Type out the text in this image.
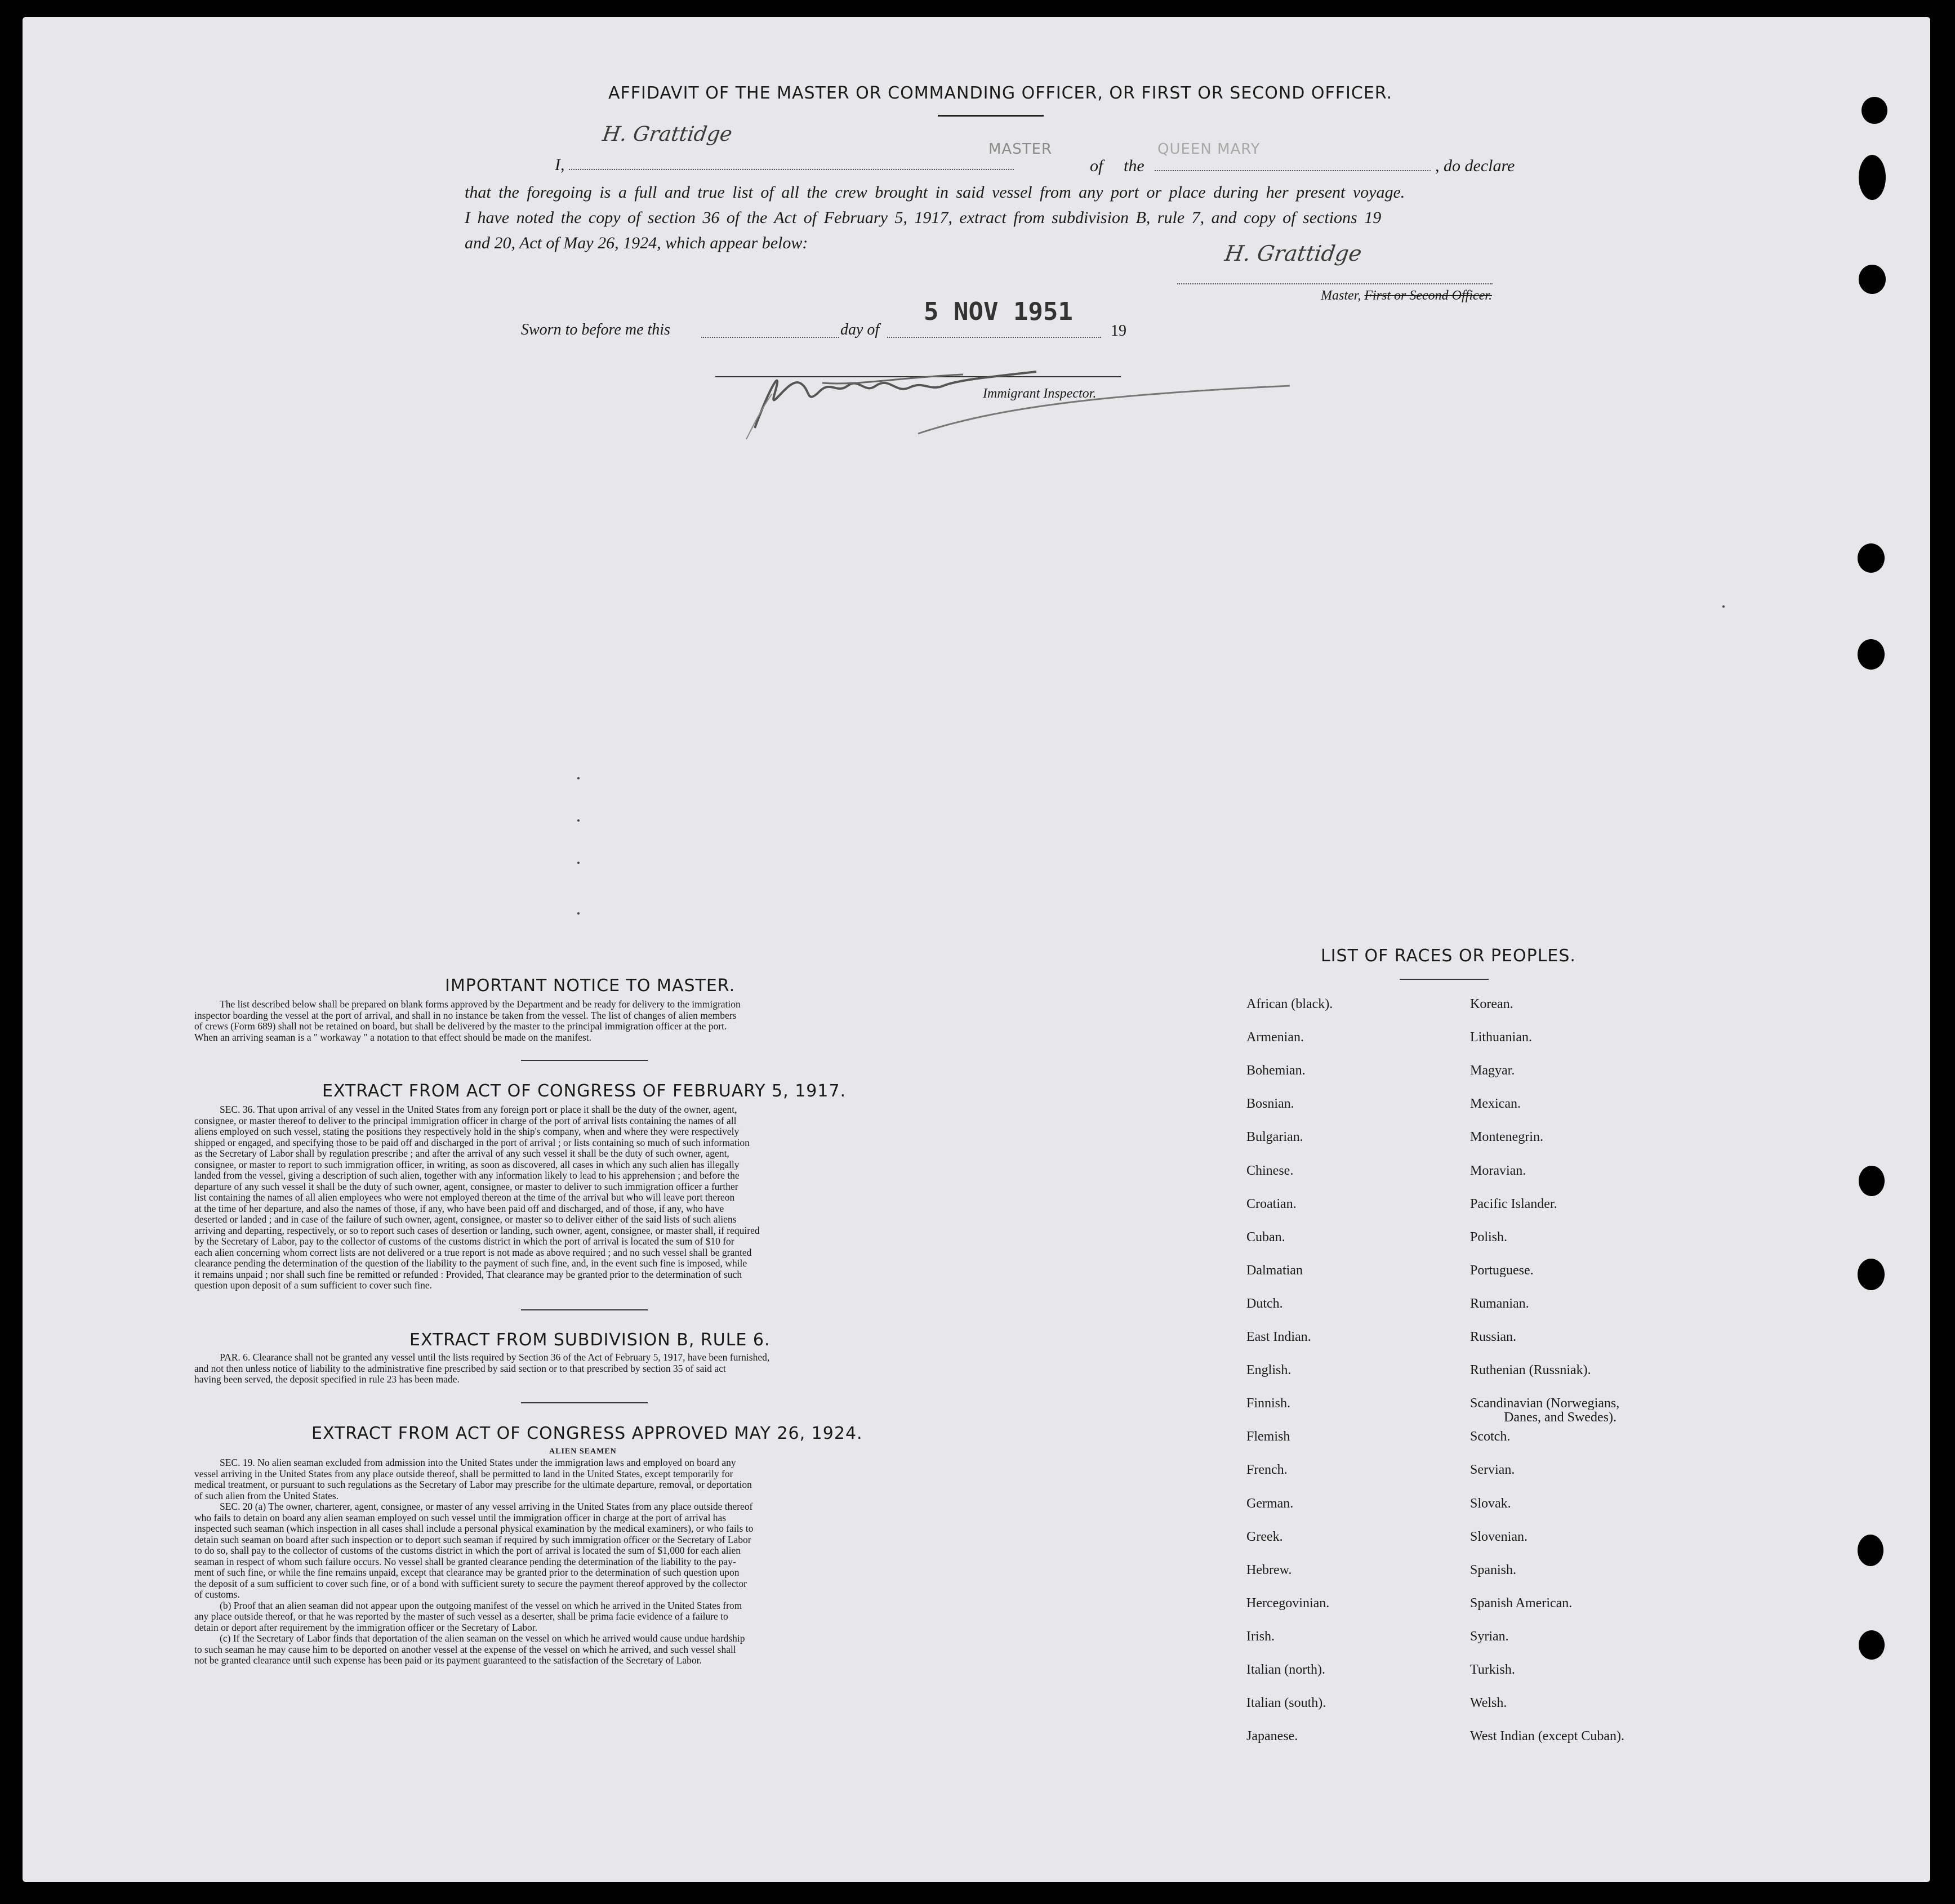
AFFIDAVIT OF THE MASTER OR COMMANDING OFFICER, OR FIRST OR SECOND OFFICER.
H. Grattidge
I,
MASTER
of the
QUEEN MARY
, do declare
that the foregoing is a full and true list of all the crew brought in said vessel from any port or place during her present voyage.
I have noted the copy of section 36 of the Act of February 5, 1917, extract from subdivision B, rule 7, and copy of sections 19
and 20, Act of May 26, 1924, which appear below:	H. Grattidge
Master, First or Second Officer.
Sworn to before me this	day of
5 NOV 1951
19
Immigrant Inspector.
IMPORTANT NOTICE TO MASTER.

The list described below shall be prepared on blank forms approved by the Department and be ready for delivery to the immigration

inspector boarding the vessel at the port of arrival, and shall in no instance be taken from the vessel. The list of changes of alien members

of crews (Form 689) shall not be retained on board, but shall be delivered by the master to the principal immigration officer at the port.

When an arriving seaman is a " workaway " a notation to that effect should be made on the manifest.

EXTRACT FROM ACT OF CONGRESS OF FEBRUARY 5, 1917.

SEC. 36. That upon arrival of any vessel in the United States from any foreign port or place it shall be the duty of the owner, agent,

consignee, or master thereof to deliver to the principal immigration officer in charge of the port of arrival lists containing the names of all

aliens employed on such vessel, stating the positions they respectively hold in the ship's company, when and where they were respectively

shipped or engaged, and specifying those to be paid off and discharged in the port of arrival ; or lists containing so much of such information

as the Secretary of Labor shall by regulation prescribe ; and after the arrival of any such vessel it shall be the duty of such owner, agent,

consignee, or master to report to such immigration officer, in writing, as soon as discovered, all cases in which any such alien has illegally

landed from the vessel, giving a description of such alien, together with any information likely to lead to his apprehension ; and before the

departure of any such vessel it shall be the duty of such owner, agent, consignee, or master to deliver to such immigration officer a further

list containing the names of all alien employees who were not employed thereon at the time of the arrival but who will leave port thereon

at the time of her departure, and also the names of those, if any, who have been paid off and discharged, and of those, if any, who have

deserted or landed ; and in case of the failure of such owner, agent, consignee, or master so to deliver either of the said lists of such aliens

arriving and departing, respectively, or so to report such cases of desertion or landing, such owner, agent, consignee, or master shall, if required

by the Secretary of Labor, pay to the collector of customs of the customs district in which the port of arrival is located the sum of $10 for

each alien concerning whom correct lists are not delivered or a true report is not made as above required ; and no such vessel shall be granted

clearance pending the determination of the question of the liability to the payment of such fine, and, in the event such fine is imposed, while

it remains unpaid ; nor shall such fine be remitted or refunded : Provided, That clearance may be granted prior to the determination of such

question upon deposit of a sum sufficient to cover such fine.

EXTRACT FROM SUBDIVISION B, RULE 6.

PAR. 6. Clearance shall not be granted any vessel until the lists required by Section 36 of the Act of February 5, 1917, have been furnished,

and not then unless notice of liability to the administrative fine prescribed by said section or to that prescribed by section 35 of said act

having been served, the deposit specified in rule 23 has been made.

EXTRACT FROM ACT OF CONGRESS APPROVED MAY 26, 1924.
ALIEN SEAMEN

SEC. 19. No alien seaman excluded from admission into the United States under the immigration laws and employed on board any

vessel arriving in the United States from any place outside thereof, shall be permitted to land in the United States, except temporarily for

medical treatment, or pursuant to such regulations as the Secretary of Labor may prescribe for the ultimate departure, removal, or deportation

of such alien from the United States.

SEC. 20 (a) The owner, charterer, agent, consignee, or master of any vessel arriving in the United States from any place outside thereof

who fails to detain on board any alien seaman employed on such vessel until the immigration officer in charge at the port of arrival has

inspected such seaman (which inspection in all cases shall include a personal physical examination by the medical examiners), or who fails to

detain such seaman on board after such inspection or to deport such seaman if required by such immigration officer or the Secretary of Labor

to do so, shall pay to the collector of customs of the customs district in which the port of arrival is located the sum of $1,000 for each alien

seaman in respect of whom such failure occurs. No vessel shall be granted clearance pending the determination of the liability to the pay-

ment of such fine, or while the fine remains unpaid, except that clearance may be granted prior to the determination of such question upon

the deposit of a sum sufficient to cover such fine, or of a bond with sufficient surety to secure the payment thereof approved by the collector

of customs.

(b) Proof that an alien seaman did not appear upon the outgoing manifest of the vessel on which he arrived in the United States from

any place outside thereof, or that he was reported by the master of such vessel as a deserter, shall be prima facie evidence of a failure to

detain or deport after requirement by the immigration officer or the Secretary of Labor.

(c) If the Secretary of Labor finds that deportation of the alien seaman on the vessel on which he arrived would cause undue hardship

to such seaman he may cause him to be deported on another vessel at the expense of the vessel on which he arrived, and such vessel shall

not be granted clearance until such expense has been paid or its payment guaranteed to the satisfaction of the Secretary of Labor.

LIST OF RACES OR PEOPLES.
Danes, and Swedes).
African (black).
Armenian.
Bohemian.
Bosnian.
Bulgarian.
Chinese.
Croatian.
Cuban.
Dalmatian
Dutch.
East Indian.
English.
Finnish.
Flemish
French.
German.
Greek.
Hebrew.
Hercegovinian.
Irish.
Italian (north).
Italian (south).
Japanese.
Korean.
Lithuanian.
Magyar.
Mexican.
Montenegrin.
Moravian.
Pacific Islander.
Polish.
Portuguese.
Rumanian.
Russian.
Ruthenian (Russniak).
Scandinavian (Norwegians,
Scotch.
Servian.
Slovak.
Slovenian.
Spanish.
Spanish American.
Syrian.
Turkish.
Welsh.
West Indian (except Cuban).
